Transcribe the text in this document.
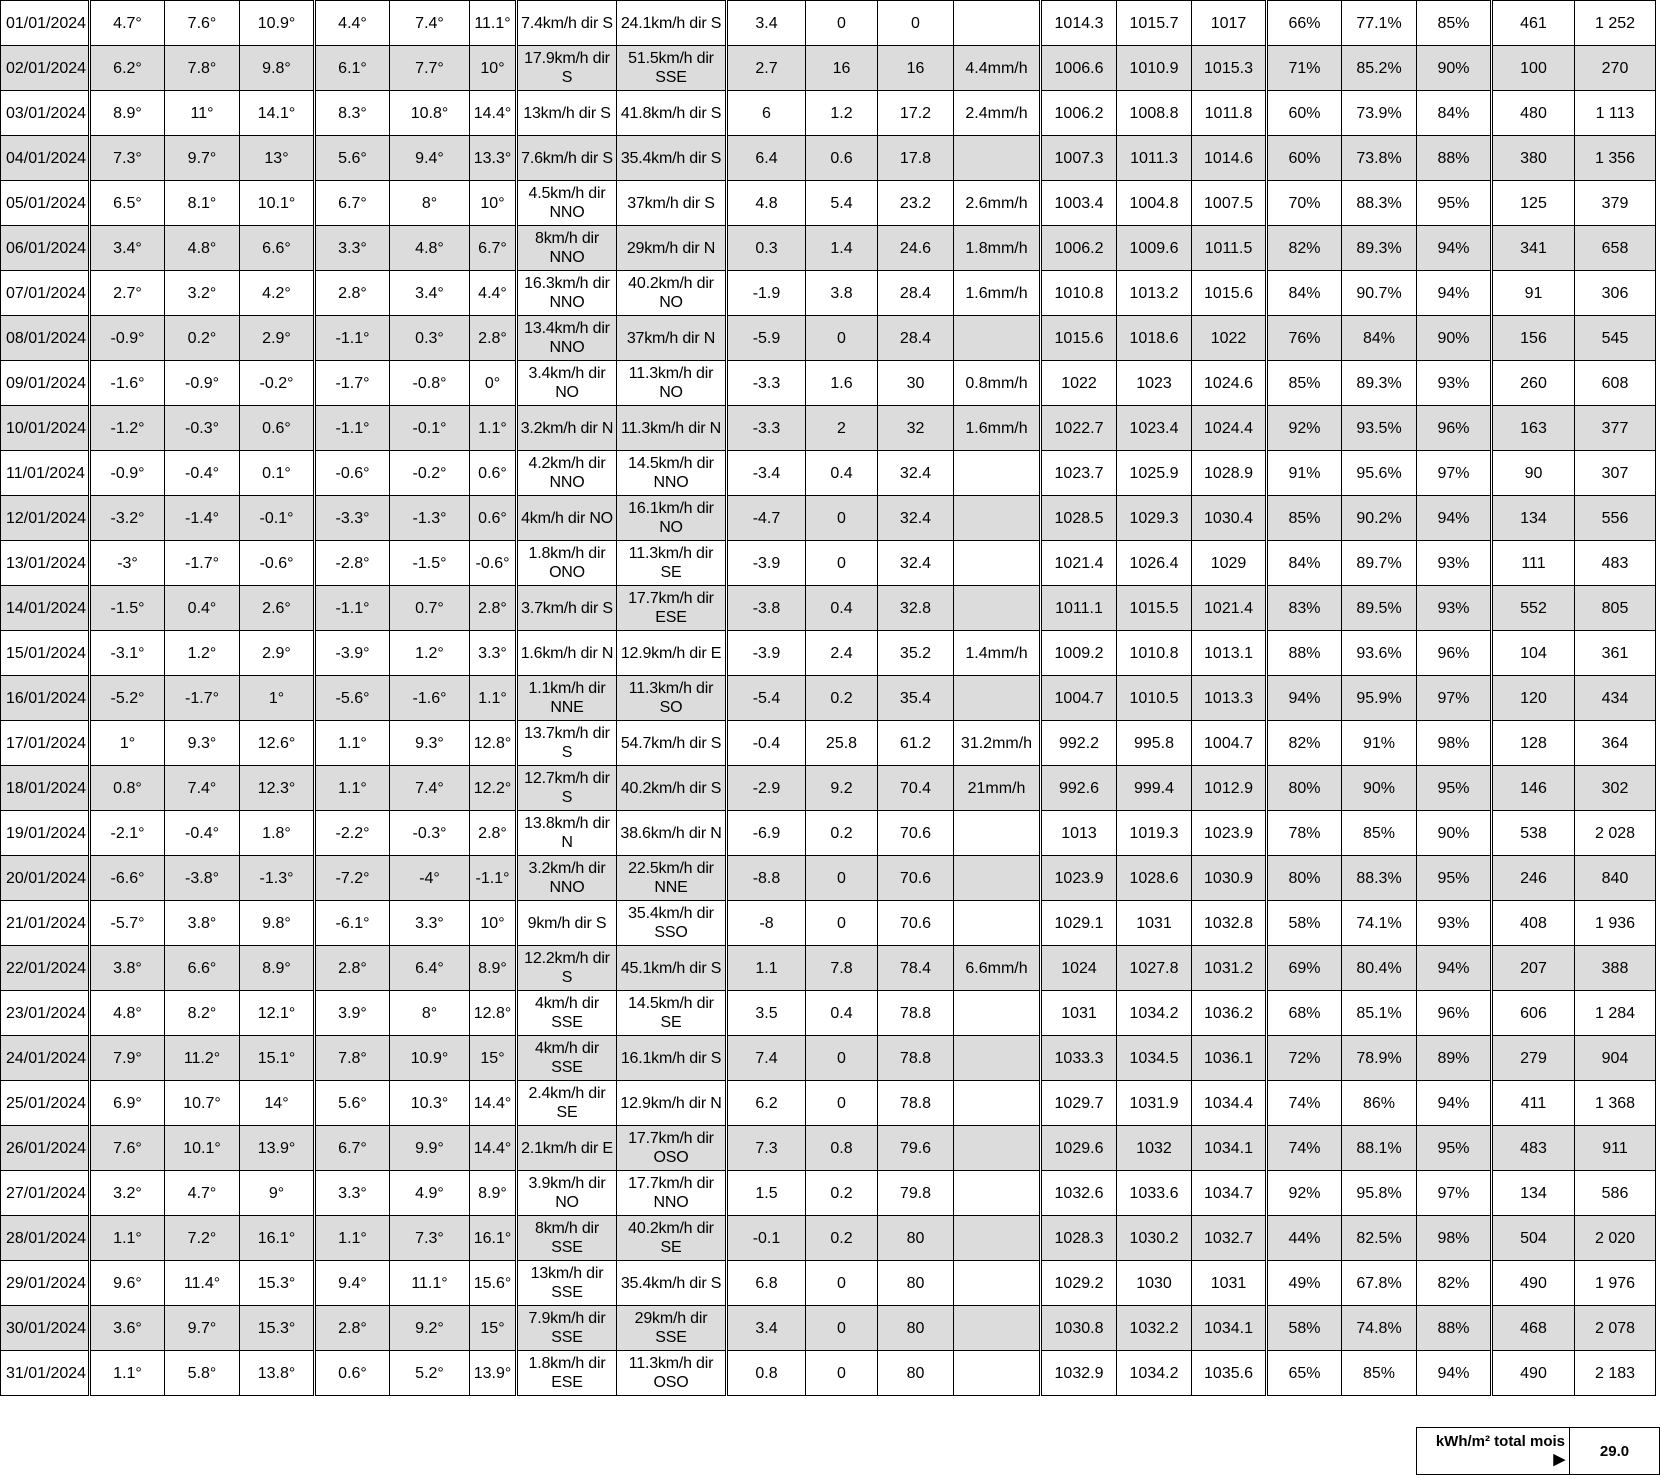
01/01/2024	4.7°	7.6°	10.9°	4.4°	7.4°	11.1°	7.4km/h dir S	24.1km/h dir S	3.4	0	0		1014.3	1015.7	1017	66%	77.1%	85%	461	1 252
02/01/2024	6.2°	7.8°	9.8°	6.1°	7.7°	10°	17.9km/h dir S	51.5km/h dir SSE	2.7	16	16	4.4mm/h	1006.6	1010.9	1015.3	71%	85.2%	90%	100	270
03/01/2024	8.9°	11°	14.1°	8.3°	10.8°	14.4°	13km/h dir S	41.8km/h dir S	6	1.2	17.2	2.4mm/h	1006.2	1008.8	1011.8	60%	73.9%	84%	480	1 113
04/01/2024	7.3°	9.7°	13°	5.6°	9.4°	13.3°	7.6km/h dir S	35.4km/h dir S	6.4	0.6	17.8		1007.3	1011.3	1014.6	60%	73.8%	88%	380	1 356
05/01/2024	6.5°	8.1°	10.1°	6.7°	8°	10°	4.5km/h dir NNO	37km/h dir S	4.8	5.4	23.2	2.6mm/h	1003.4	1004.8	1007.5	70%	88.3%	95%	125	379
06/01/2024	3.4°	4.8°	6.6°	3.3°	4.8°	6.7°	8km/h dir NNO	29km/h dir N	0.3	1.4	24.6	1.8mm/h	1006.2	1009.6	1011.5	82%	89.3%	94%	341	658
07/01/2024	2.7°	3.2°	4.2°	2.8°	3.4°	4.4°	16.3km/h dir NNO	40.2km/h dir NO	-1.9	3.8	28.4	1.6mm/h	1010.8	1013.2	1015.6	84%	90.7%	94%	91	306
08/01/2024	-0.9°	0.2°	2.9°	-1.1°	0.3°	2.8°	13.4km/h dir NNO	37km/h dir N	-5.9	0	28.4		1015.6	1018.6	1022	76%	84%	90%	156	545
09/01/2024	-1.6°	-0.9°	-0.2°	-1.7°	-0.8°	0°	3.4km/h dir NO	11.3km/h dir NO	-3.3	1.6	30	0.8mm/h	1022	1023	1024.6	85%	89.3%	93%	260	608
10/01/2024	-1.2°	-0.3°	0.6°	-1.1°	-0.1°	1.1°	3.2km/h dir N	11.3km/h dir N	-3.3	2	32	1.6mm/h	1022.7	1023.4	1024.4	92%	93.5%	96%	163	377
11/01/2024	-0.9°	-0.4°	0.1°	-0.6°	-0.2°	0.6°	4.2km/h dir NNO	14.5km/h dir NNO	-3.4	0.4	32.4		1023.7	1025.9	1028.9	91%	95.6%	97%	90	307
12/01/2024	-3.2°	-1.4°	-0.1°	-3.3°	-1.3°	0.6°	4km/h dir NO	16.1km/h dir NO	-4.7	0	32.4		1028.5	1029.3	1030.4	85%	90.2%	94%	134	556
13/01/2024	-3°	-1.7°	-0.6°	-2.8°	-1.5°	-0.6°	1.8km/h dir ONO	11.3km/h dir SE	-3.9	0	32.4		1021.4	1026.4	1029	84%	89.7%	93%	111	483
14/01/2024	-1.5°	0.4°	2.6°	-1.1°	0.7°	2.8°	3.7km/h dir S	17.7km/h dir ESE	-3.8	0.4	32.8		1011.1	1015.5	1021.4	83%	89.5%	93%	552	805
15/01/2024	-3.1°	1.2°	2.9°	-3.9°	1.2°	3.3°	1.6km/h dir N	12.9km/h dir E	-3.9	2.4	35.2	1.4mm/h	1009.2	1010.8	1013.1	88%	93.6%	96%	104	361
16/01/2024	-5.2°	-1.7°	1°	-5.6°	-1.6°	1.1°	1.1km/h dir NNE	11.3km/h dir SO	-5.4	0.2	35.4		1004.7	1010.5	1013.3	94%	95.9%	97%	120	434
17/01/2024	1°	9.3°	12.6°	1.1°	9.3°	12.8°	13.7km/h dir S	54.7km/h dir S	-0.4	25.8	61.2	31.2mm/h	992.2	995.8	1004.7	82%	91%	98%	128	364
18/01/2024	0.8°	7.4°	12.3°	1.1°	7.4°	12.2°	12.7km/h dir S	40.2km/h dir S	-2.9	9.2	70.4	21mm/h	992.6	999.4	1012.9	80%	90%	95%	146	302
19/01/2024	-2.1°	-0.4°	1.8°	-2.2°	-0.3°	2.8°	13.8km/h dir N	38.6km/h dir N	-6.9	0.2	70.6		1013	1019.3	1023.9	78%	85%	90%	538	2 028
20/01/2024	-6.6°	-3.8°	-1.3°	-7.2°	-4°	-1.1°	3.2km/h dir NNO	22.5km/h dir NNE	-8.8	0	70.6		1023.9	1028.6	1030.9	80%	88.3%	95%	246	840
21/01/2024	-5.7°	3.8°	9.8°	-6.1°	3.3°	10°	9km/h dir S	35.4km/h dir SSO	-8	0	70.6		1029.1	1031	1032.8	58%	74.1%	93%	408	1 936
22/01/2024	3.8°	6.6°	8.9°	2.8°	6.4°	8.9°	12.2km/h dir S	45.1km/h dir S	1.1	7.8	78.4	6.6mm/h	1024	1027.8	1031.2	69%	80.4%	94%	207	388
23/01/2024	4.8°	8.2°	12.1°	3.9°	8°	12.8°	4km/h dir SSE	14.5km/h dir SE	3.5	0.4	78.8		1031	1034.2	1036.2	68%	85.1%	96%	606	1 284
24/01/2024	7.9°	11.2°	15.1°	7.8°	10.9°	15°	4km/h dir SSE	16.1km/h dir S	7.4	0	78.8		1033.3	1034.5	1036.1	72%	78.9%	89%	279	904
25/01/2024	6.9°	10.7°	14°	5.6°	10.3°	14.4°	2.4km/h dir SE	12.9km/h dir N	6.2	0	78.8		1029.7	1031.9	1034.4	74%	86%	94%	411	1 368
26/01/2024	7.6°	10.1°	13.9°	6.7°	9.9°	14.4°	2.1km/h dir E	17.7km/h dir OSO	7.3	0.8	79.6		1029.6	1032	1034.1	74%	88.1%	95%	483	911
27/01/2024	3.2°	4.7°	9°	3.3°	4.9°	8.9°	3.9km/h dir NO	17.7km/h dir NNO	1.5	0.2	79.8		1032.6	1033.6	1034.7	92%	95.8%	97%	134	586
28/01/2024	1.1°	7.2°	16.1°	1.1°	7.3°	16.1°	8km/h dir SSE	40.2km/h dir SE	-0.1	0.2	80		1028.3	1030.2	1032.7	44%	82.5%	98%	504	2 020
29/01/2024	9.6°	11.4°	15.3°	9.4°	11.1°	15.6°	13km/h dir SSE	35.4km/h dir S	6.8	0	80		1029.2	1030	1031	49%	67.8%	82%	490	1 976
30/01/2024	3.6°	9.7°	15.3°	2.8°	9.2°	15°	7.9km/h dir SSE	29km/h dir SSE	3.4	0	80		1030.8	1032.2	1034.1	58%	74.8%	88%	468	2 078
31/01/2024	1.1°	5.8°	13.8°	0.6°	5.2°	13.9°	1.8km/h dir ESE	11.3km/h dir OSO	0.8	0	80		1032.9	1034.2	1035.6	65%	85%	94%	490	2 183
kWh/m² total mois
▶	29.0
